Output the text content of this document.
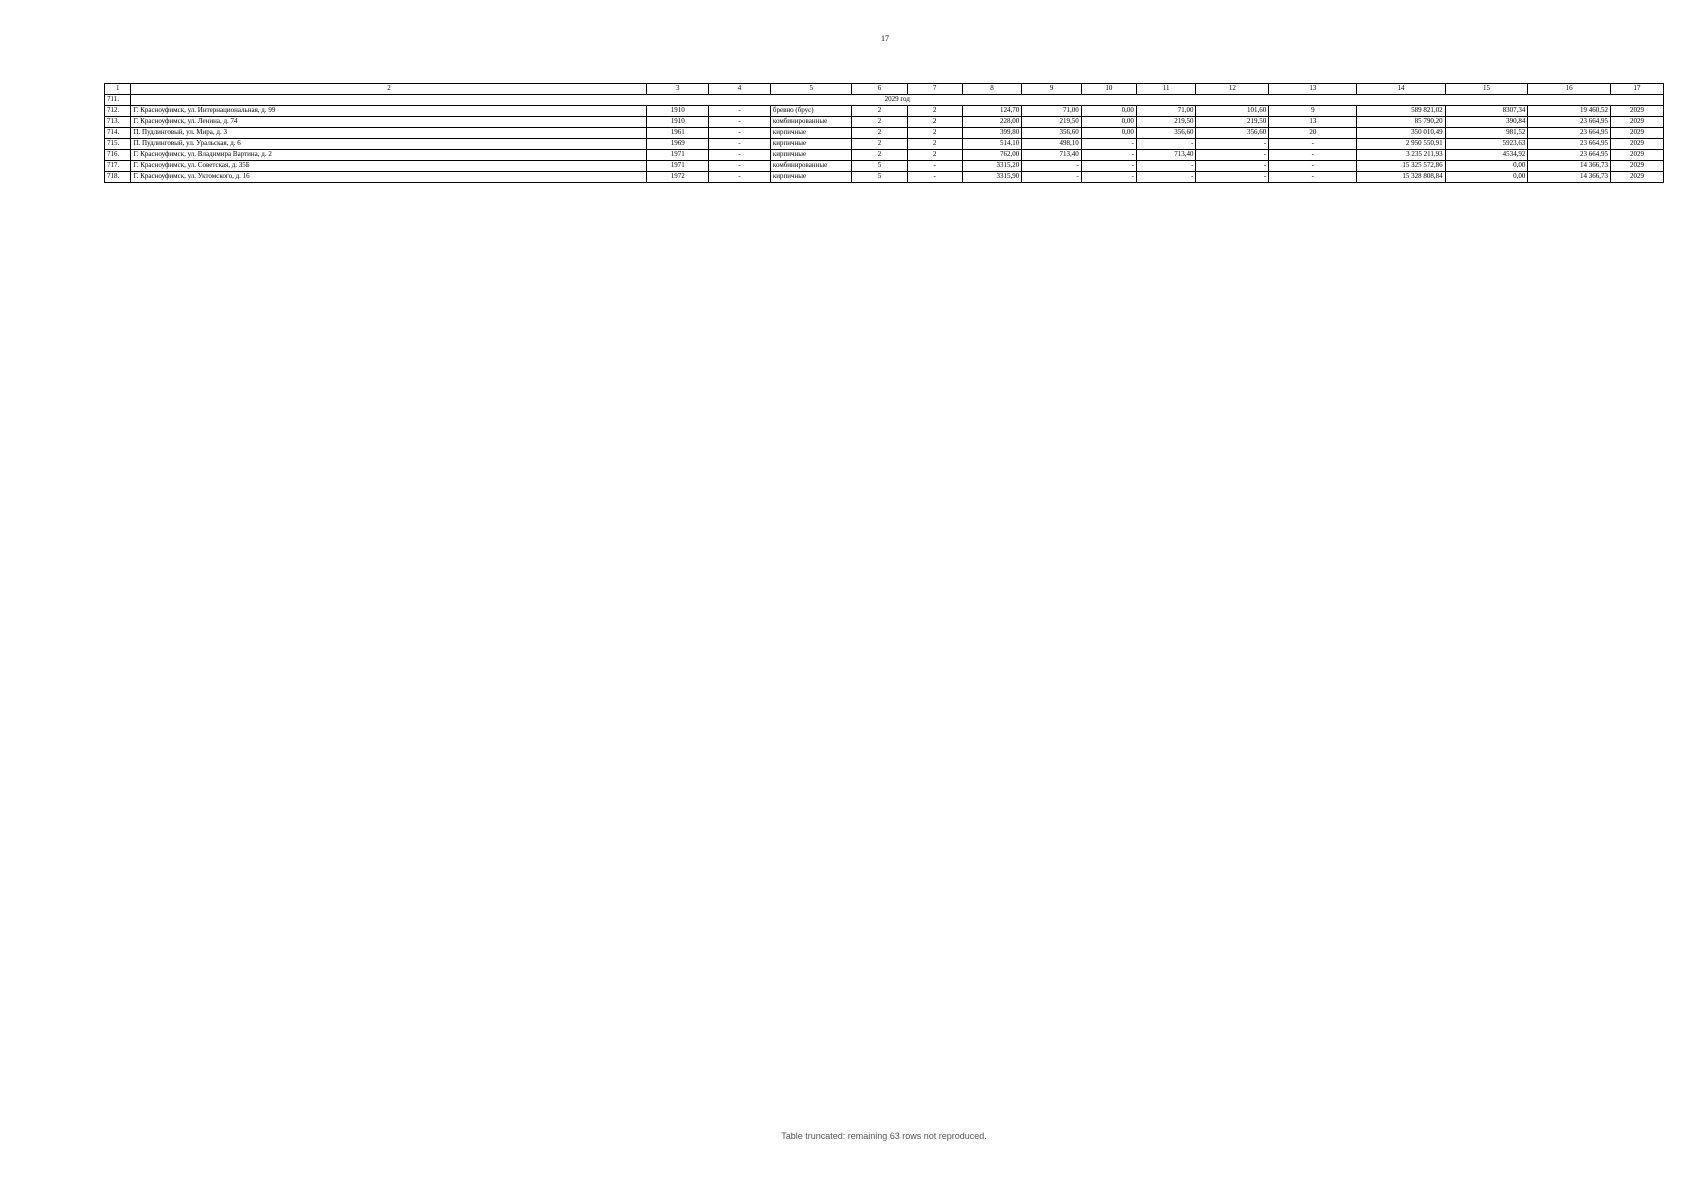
17
1	2	3	4	5	6	7	8	9	10	11	12	13	14	15	16	17
711.	2029 год															
712.	Г. Красноуфимск, ул. Интернациональная, д. 99	1910	-	бревно (брус)	2	2	124,70	71,00	0,00	71,00	101,60	9	589 821,02	8307,34	19 460,52	2029
713.	Г. Красноуфимск, ул. Ленина, д. 74	1910	-	комбинированные	2	2	228,00	219,50	0,00	219,50	219,50	13	85 790,20	390,84	23 664,95	2029
714.	П. Пудлинговый, ул. Мира, д. 3	1961	-	кирпичные	2	2	399,80	356,60	0,00	356,60	356,60	20	350 010,49	981,52	23 664,95	2029
715.	П. Пудлинговый, ул. Уральская, д. 6	1969	-	кирпичные	2	2	514,10	498,10	-	-	-	-	2 950 550,91	5923,63	23 664,95	2029
716.	Г. Красноуфимск, ул. Владимира Вартина, д. 2	1971	-	кирпичные	2	2	762,00	713,40	-	713,40	-	-	3 235 211,93	4534,92	23 664,95	2029
717.	Г. Красноуфимск, ул. Советская, д. 35Б	1971	-	комбинированные	5	-	3315,20	-	-	-	-	-	15 325 572,86	0,00	14 366,73	2029
718.	Г. Красноуфимск, ул. Уктомского, д. 16	1972	-	кирпичные	5	-	3315,90	-	-	-	-	-	15 328 808,84	0,00	14 366,73	2029
Table truncated: remaining 63 rows not reproduced.
